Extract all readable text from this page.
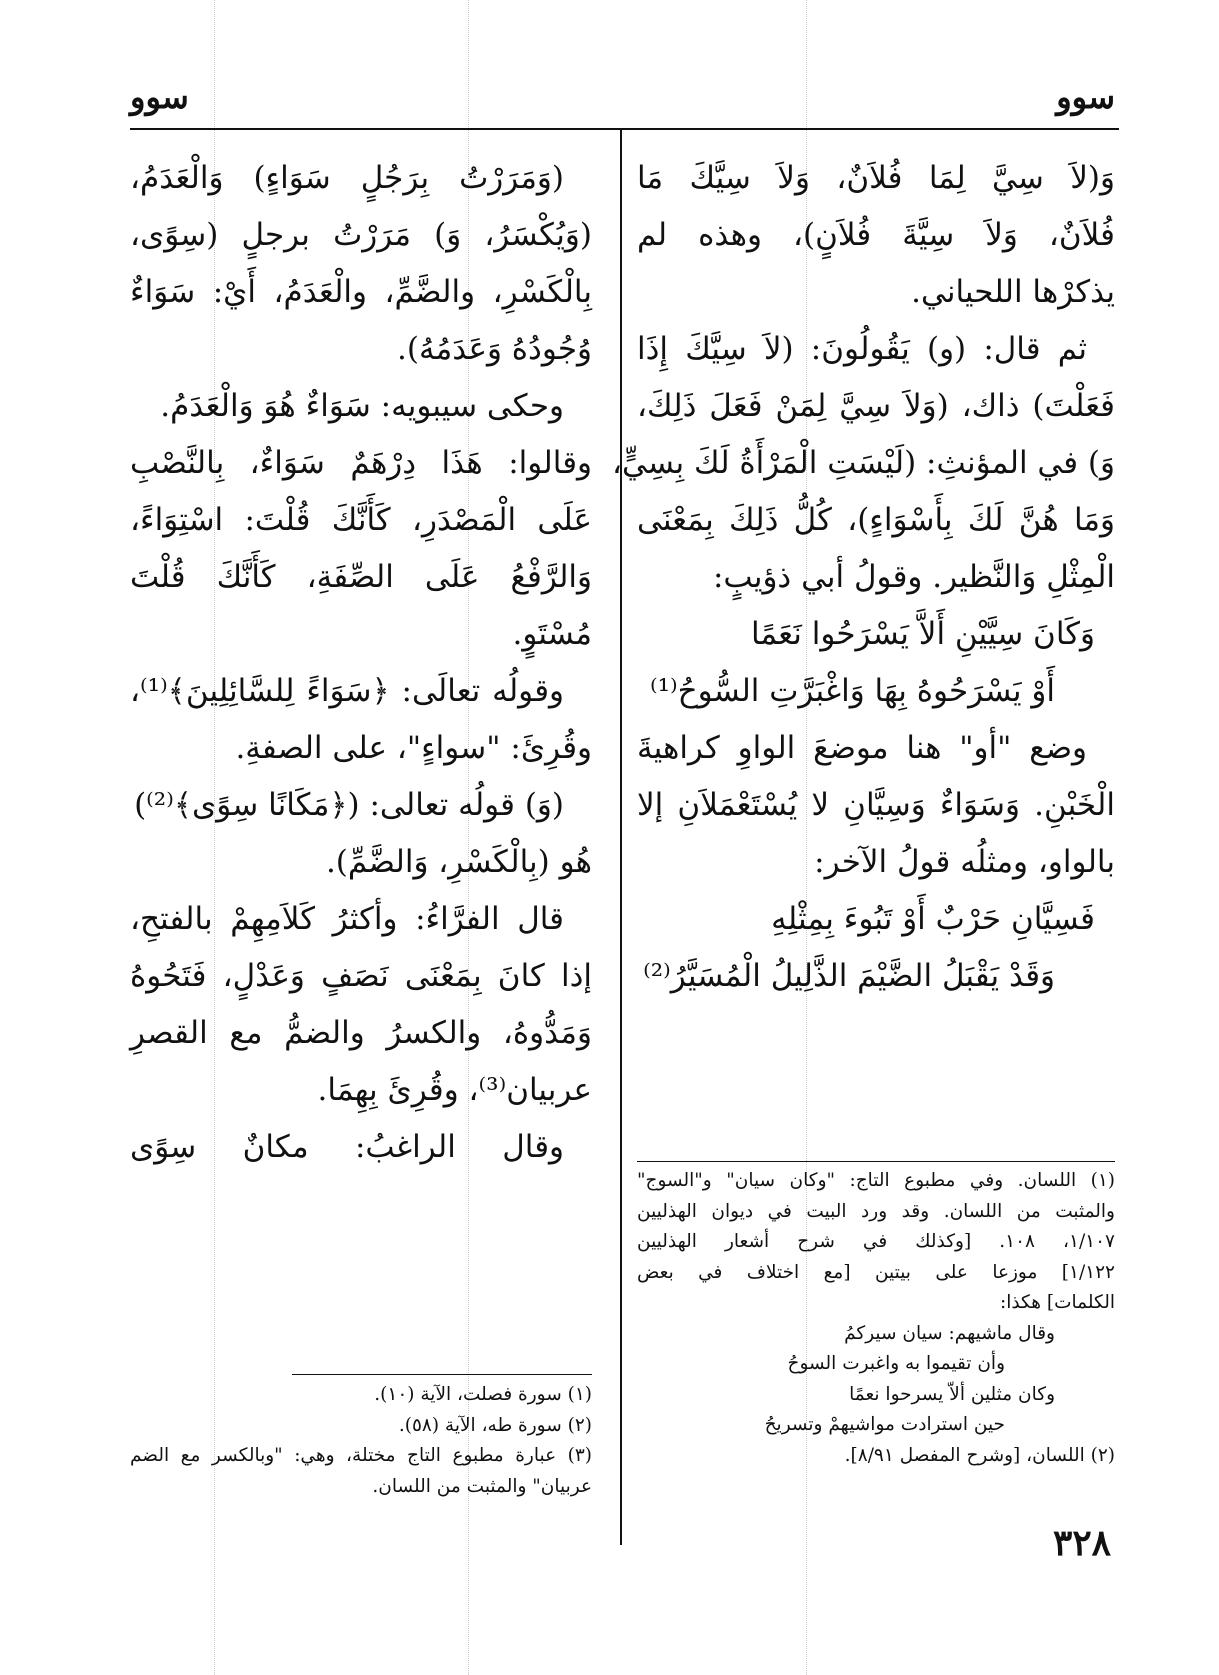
سوو
سوو
وَ(لاَ سِيَّ لِمَا فُلاَنٌ، وَلاَ سِيَّكَ مَا
فُلاَنٌ، وَلاَ سِيَّةَ فُلاَنٍ)، وهذه لم
يذكرْها اللحياني.
ثم قال: (و) يَقُولُونَ: (لاَ سِيَّكَ إِذَا
فَعَلْتَ) ذاك، (وَلاَ سِيَّ لِمَنْ فَعَلَ ذَلِكَ،
وَ) في المؤنثِ: (لَيْسَتِ الْمَرْأَةُ لَكَ بِسِيٍّ،
وَمَا هُنَّ لَكَ بِأَسْوَاءٍ)، كُلُّ ذَلِكَ بِمَعْنَى
الْمِثْلِ وَالنَّظير. وقولُ أبي ذؤيبٍ:
وَكَانَ سِيَّيْنِ أَلاَّ يَسْرَحُوا نَعَمًا
أَوْ يَسْرَحُوهُ بِهَا وَاغْبَرَّتِ السُّوحُ⁽¹⁾
وضع "أو" هنا موضعَ الواوِ كراهيةَ
الْخَبْنِ. وَسَوَاءٌ وَسِيَّانِ لا يُسْتَعْمَلاَنِ إلا
بالواو، ومثلُه قولُ الآخر:
فَسِيَّانِ حَرْبٌ أَوْ تَبُوءَ بِمِثْلِهِ
وَقَدْ يَقْبَلُ الضَّيْمَ الذَّلِيلُ الْمُسَيَّرُ⁽²⁾
(وَمَرَرْتُ بِرَجُلٍ سَوَاءٍ) وَالْعَدَمُ،
(وَيُكْسَرُ، وَ) مَرَرْتُ برجلٍ (سِوًى،
بِالْكَسْرِ، والضَّمِّ، والْعَدَمُ، أَيْ: سَوَاءٌ
وُجُودُهُ وَعَدَمُهُ).
وحكى سيبويه: سَوَاءٌ هُوَ وَالْعَدَمُ.
وقالوا: هَذَا دِرْهَمٌ سَوَاءٌ، بِالنَّصْبِ
عَلَى الْمَصْدَرِ، كَأَنَّكَ قُلْتَ: اسْتِوَاءً،
وَالرَّفْعُ عَلَى الصِّفَةِ، كَأَنَّكَ قُلْتَ
مُسْتَوٍ.
وقولُه تعالَى: ﴿سَوَاءً لِلسَّائِلِينَ﴾⁽¹⁾،
وقُرِئَ: "سواءٍ"، على الصفةِ.
(وَ) قولُه تعالى: (﴿مَكَانًا سِوًى﴾⁽²⁾)
هُو (بِالْكَسْرِ، وَالضَّمِّ).
قال الفرَّاءُ: وأكثرُ كَلاَمِهِمْ بالفتحِ،
إذا كانَ بِمَعْنَى نَصَفٍ وَعَدْلٍ، فَتَحُوهُ
وَمَدُّوهُ، والكسرُ والضمُّ مع القصرِ
عربيان⁽³⁾، وقُرِئَ بِهِمَا.
وقال الراغبُ: مكانٌ سِوًى
(١) اللسان. وفي مطبوع التاج: "وكان سيان" و"السوج"
والمثبت من اللسان. وقد ورد البيت في ديوان الهذليين
١/١٠٧، ١٠٨. [وكذلك في شرح أشعار الهذليين
١/١٢٢] موزعا على بيتين [مع اختلاف في بعض
الكلمات] هكذا:
وقال ماشيهم: سيان سيركمُ
وأن تقيموا به واغبرت السوحُ
وكان مثلين ألاّ يسرحوا نعمًا
حين استرادت مواشيهمْ وتسريحُ
(٢) اللسان، [وشرح المفصل ٨/٩١].
(١) سورة فصلت، الآية (١٠).
(٢) سورة طه، الآية (٥٨).
(٣) عبارة مطبوع التاج مختلة، وهي: "وبالكسر مع الضم
عربيان" والمثبت من اللسان.
٣٢٨
